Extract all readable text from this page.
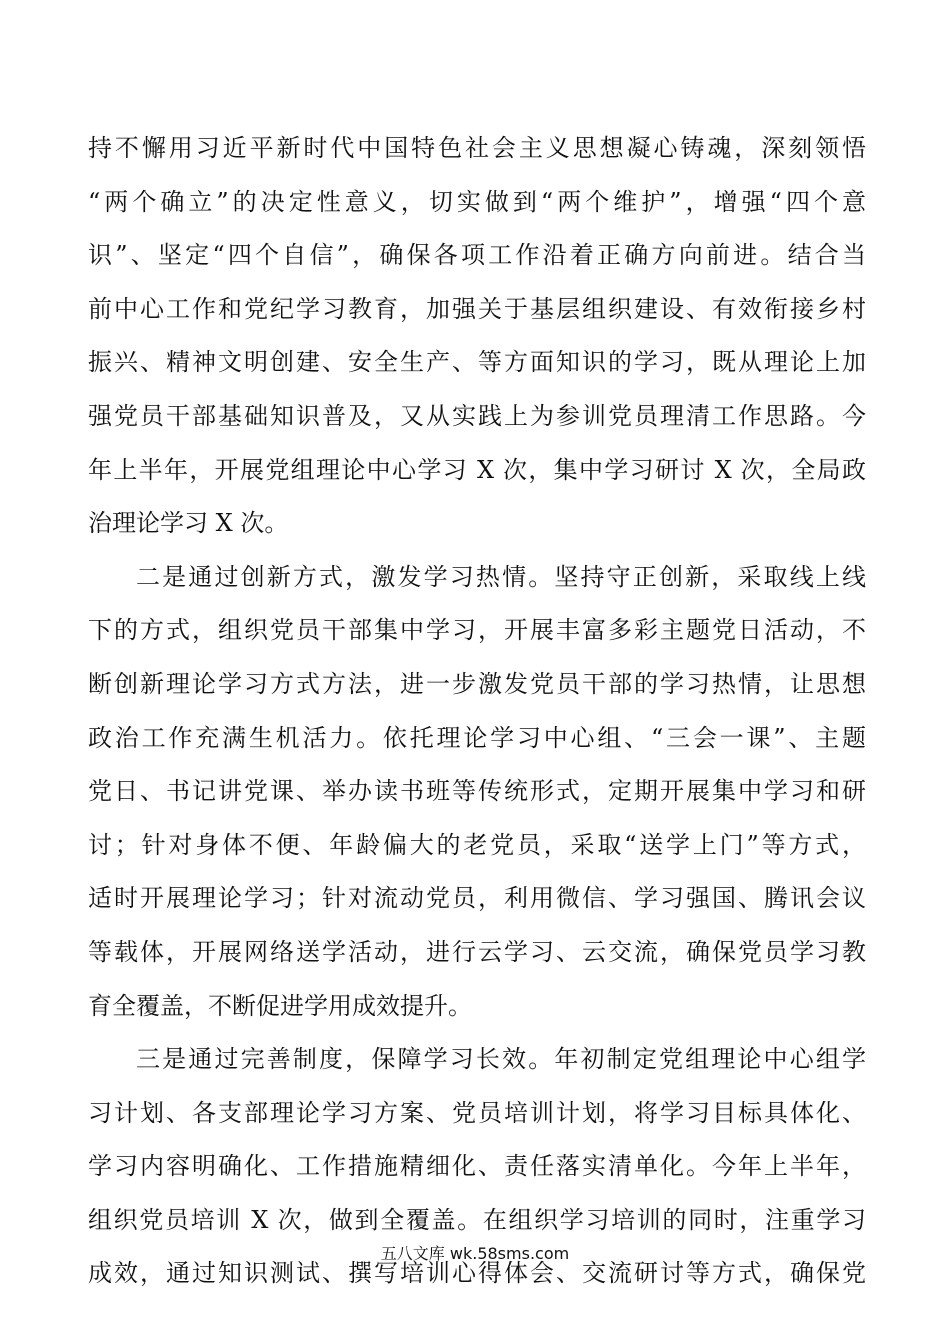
持不懈用习近平新时代中国特色社会主义思想凝心铸魂，深刻领悟
“两个确立”的决定性意义，切实做到“两个维护”，增强“四个意
识”、坚定“四个自信”，确保各项工作沿着正确方向前进。结合当
前中心工作和党纪学习教育，加强关于基层组织建设、有效衔接乡村
振兴、精神文明创建、安全生产、等方面知识的学习，既从理论上加
强党员干部基础知识普及，又从实践上为参训党员理清工作思路。今
年上半年，开展党组理论中心学习 X 次，集中学习研讨 X 次，全局政
治理论学习 X 次。
二是通过创新方式，激发学习热情。坚持守正创新，采取线上线
下的方式，组织党员干部集中学习，开展丰富多彩主题党日活动，不
断创新理论学习方式方法，进一步激发党员干部的学习热情，让思想
政治工作充满生机活力。依托理论学习中心组、“三会一课”、主题
党日、书记讲党课、举办读书班等传统形式，定期开展集中学习和研
讨；针对身体不便、年龄偏大的老党员，采取“送学上门”等方式，
适时开展理论学习；针对流动党员，利用微信、学习强国、腾讯会议
等载体，开展网络送学活动，进行云学习、云交流，确保党员学习教
育全覆盖，不断促进学用成效提升。
三是通过完善制度，保障学习长效。年初制定党组理论中心组学
习计划、各支部理论学习方案、党员培训计划，将学习目标具体化、
学习内容明确化、工作措施精细化、责任落实清单化。今年上半年，
组织党员培训 X 次，做到全覆盖。在组织学习培训的同时，注重学习
成效，通过知识测试、撰写培训心得体会、交流研讨等方式，确保党
五八文库 wk.58sms.com
